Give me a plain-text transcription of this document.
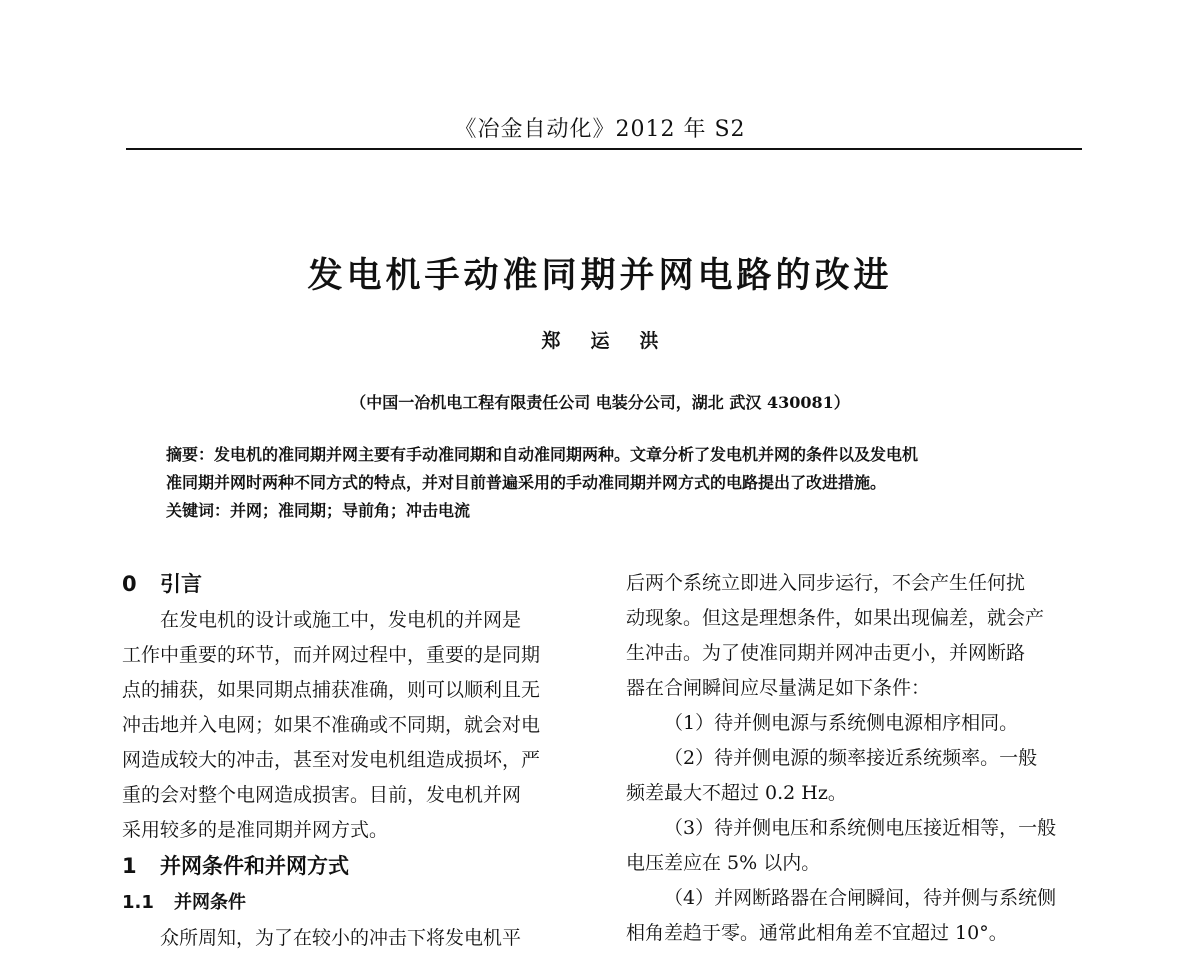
《冶金自动化》2012 年 S2
发电机手动准同期并网电路的改进
郑运洪
（中国一冶机电工程有限责任公司 电装分公司，湖北 武汉 430081）

摘要：发电机的准同期并网主要有手动准同期和自动准同期两种。文章分析了发电机并网的条件以及发电机

准同期并网时两种不同方式的特点，并对目前普遍采用的手动准同期并网方式的电路提出了改进措施。

关键词：并网；准同期；导前角；冲击电流

0 引言

在发电机的设计或施工中，发电机的并网是

工作中重要的环节，而并网过程中，重要的是同期

点的捕获，如果同期点捕获准确，则可以顺利且无

冲击地并入电网；如果不准确或不同期，就会对电

网造成较大的冲击，甚至对发电机组造成损坏，严

重的会对整个电网造成损害。目前，发电机并网

采用较多的是准同期并网方式。

1 并网条件和并网方式
1.1 并网条件

众所周知，为了在较小的冲击下将发电机平

后两个系统立即进入同步运行，不会产生任何扰

动现象。但这是理想条件，如果出现偏差，就会产

生冲击。为了使准同期并网冲击更小，并网断路

器在合闸瞬间应尽量满足如下条件：

（1）待并侧电源与系统侧电源相序相同。

（2）待并侧电源的频率接近系统频率。一般

频差最大不超过 0.2 Hz。

（3）待并侧电压和系统侧电压接近相等，一般

电压差应在 5% 以内。

（4）并网断路器在合闸瞬间，待并侧与系统侧

相角差趋于零。通常此相角差不宜超过 10°。
